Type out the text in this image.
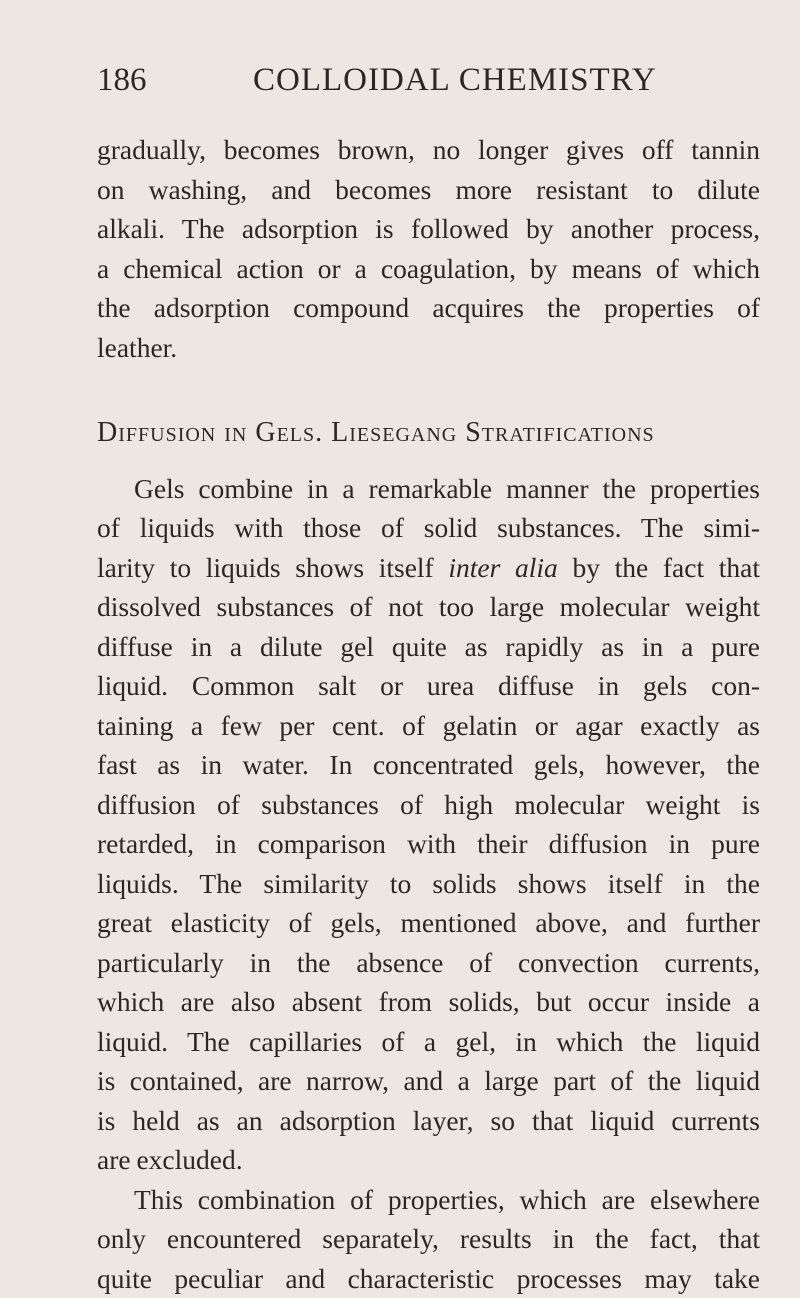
186	COLLOIDAL CHEMISTRY

gradually, becomes brown, no longer gives off tannin
on washing, and becomes more resistant to dilute
alkali. The adsorption is followed by another process,
a chemical action or a coagulation, by means of which
the adsorption compound acquires the properties of
leather.

Diffusion in Gels. Liesegang Stratifications

Gels combine in a remarkable manner the properties
of liquids with those of solid substances. The simi-
larity to liquids shows itself inter alia by the fact that
dissolved substances of not too large molecular weight
diffuse in a dilute gel quite as rapidly as in a pure
liquid. Common salt or urea diffuse in gels con-
taining a few per cent. of gelatin or agar exactly as
fast as in water. In concentrated gels, however, the
diffusion of substances of high molecular weight is
retarded, in comparison with their diffusion in pure
liquids. The similarity to solids shows itself in the
great elasticity of gels, mentioned above, and further
particularly in the absence of convection currents,
which are also absent from solids, but occur inside a
liquid. The capillaries of a gel, in which the liquid
is contained, are narrow, and a large part of the liquid
is held as an adsorption layer, so that liquid currents
are excluded.

This combination of properties, which are elsewhere
only encountered separately, results in the fact, that
quite peculiar and characteristic processes may take
